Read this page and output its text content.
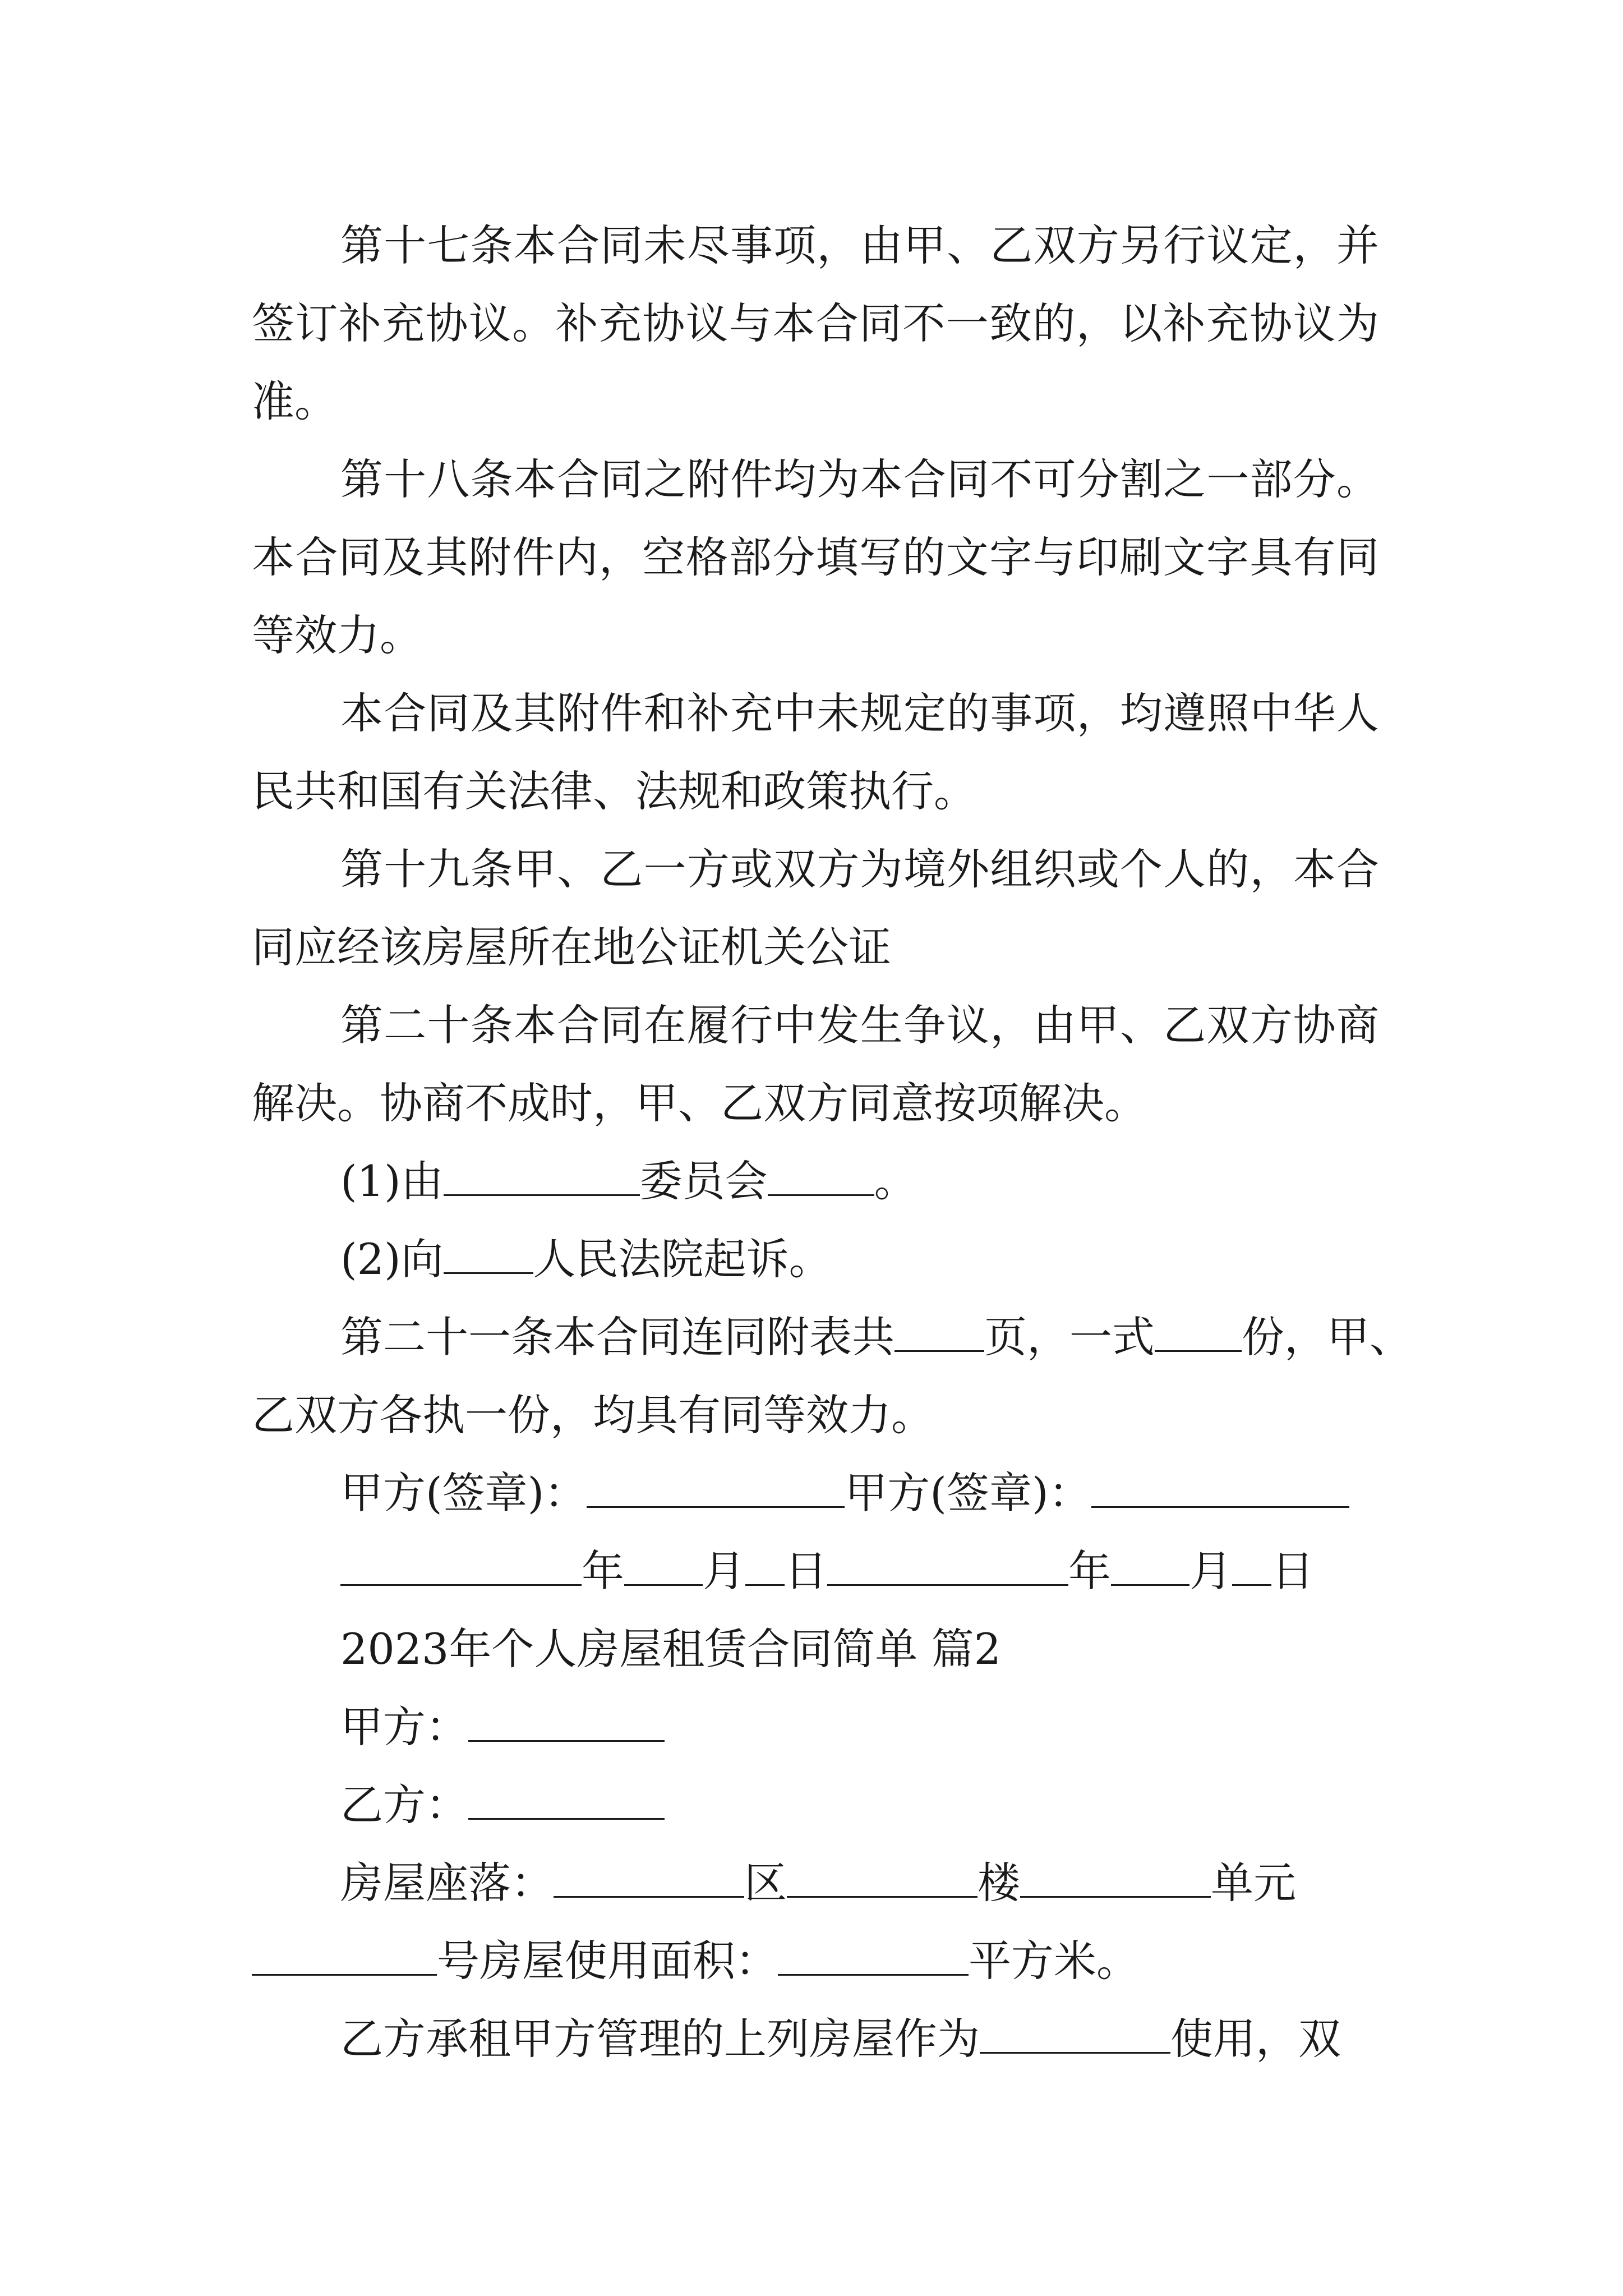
第十七条本合同未尽事项，由甲、乙双方另行议定，并
签订补充协议。补充协议与本合同不一致的，以补充协议为
准。
第十八条本合同之附件均为本合同不可分割之一部分。
本合同及其附件内，空格部分填写的文字与印刷文字具有同
等效力。
本合同及其附件和补充中未规定的事项，均遵照中华人
民共和国有关法律、法规和政策执行。
第十九条甲、乙一方或双方为境外组织或个人的，本合
同应经该房屋所在地公证机关公证
第二十条本合同在履行中发生争议，由甲、乙双方协商
解决。协商不成时，甲、乙双方同意按项解决。
(1)由	委员会	。
(2)向 人民法院起诉。
第二十一条本合同连同附表共 页，一式 份，甲、
乙双方各执一份，均具有同等效力。
甲方(签章)：	甲方(签章)：
年 月 日	年 月 日
2023年个人房屋租赁合同简单 篇2
甲方：
乙方：
房屋座落：	区	楼	单元
号房屋使用面积：	平方米。
乙方承租甲方管理的上列房屋作为	使用，双
